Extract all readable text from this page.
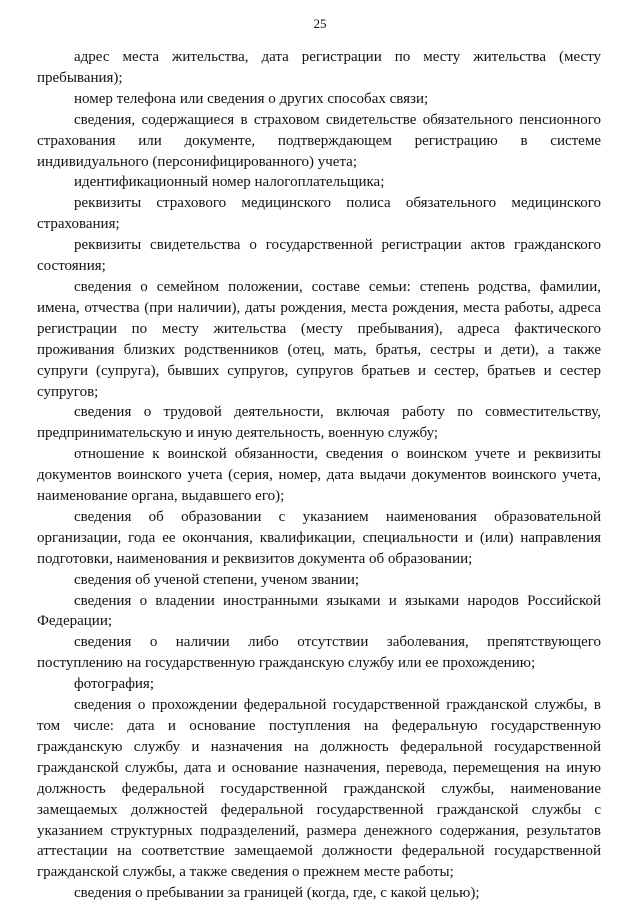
25

адрес места жительства, дата регистрации по месту жительства (месту пребывания);

номер телефона или сведения о других способах связи;

сведения, содержащиеся в страховом свидетельстве обязательного пенсионного страхования или документе, подтверждающем регистрацию в системе индивидуального (персонифицированного) учета;

идентификационный номер налогоплательщика;

реквизиты страхового медицинского полиса обязательного медицинского страхования;

реквизиты свидетельства о государственной регистрации актов гражданского состояния;

сведения о семейном положении, составе семьи: степень родства, фамилии, имена, отчества (при наличии), даты рождения, места рождения, места работы, адреса регистрации по месту жительства (месту пребывания), адреса фактического проживания близких родственников (отец, мать, братья, сестры и дети), а также супруги (супруга), бывших супругов, супругов братьев и сестер, братьев и сестер супругов;

сведения о трудовой деятельности, включая работу по совместительству, предпринимательскую и иную деятельность, военную службу;

отношение к воинской обязанности, сведения о воинском учете и реквизиты документов воинского учета (серия, номер, дата выдачи документов воинского учета, наименование органа, выдавшего его);

сведения об образовании с указанием наименования образовательной организации, года ее окончания, квалификации, специальности и (или) направления подготовки, наименования и реквизитов документа об образовании;

сведения об ученой степени, ученом звании;

сведения о владении иностранными языками и языками народов Российской Федерации;

сведения о наличии либо отсутствии заболевания, препятствующего поступлению на государственную гражданскую службу или ее прохождению;

фотография;

сведения о прохождении федеральной государственной гражданской службы, в том числе: дата и основание поступления на федеральную государственную гражданскую службу и назначения на должность федеральной государственной гражданской службы, дата и основание назначения, перевода, перемещения на иную должность федеральной государственной гражданской службы, наименование замещаемых должностей федеральной государственной гражданской службы с указанием структурных подразделений, размера денежного содержания, результатов аттестации на соответствие замещаемой должности федеральной государственной гражданской службы, а также сведения о прежнем месте работы;

сведения о пребывании за границей (когда, где, с какой целью);
